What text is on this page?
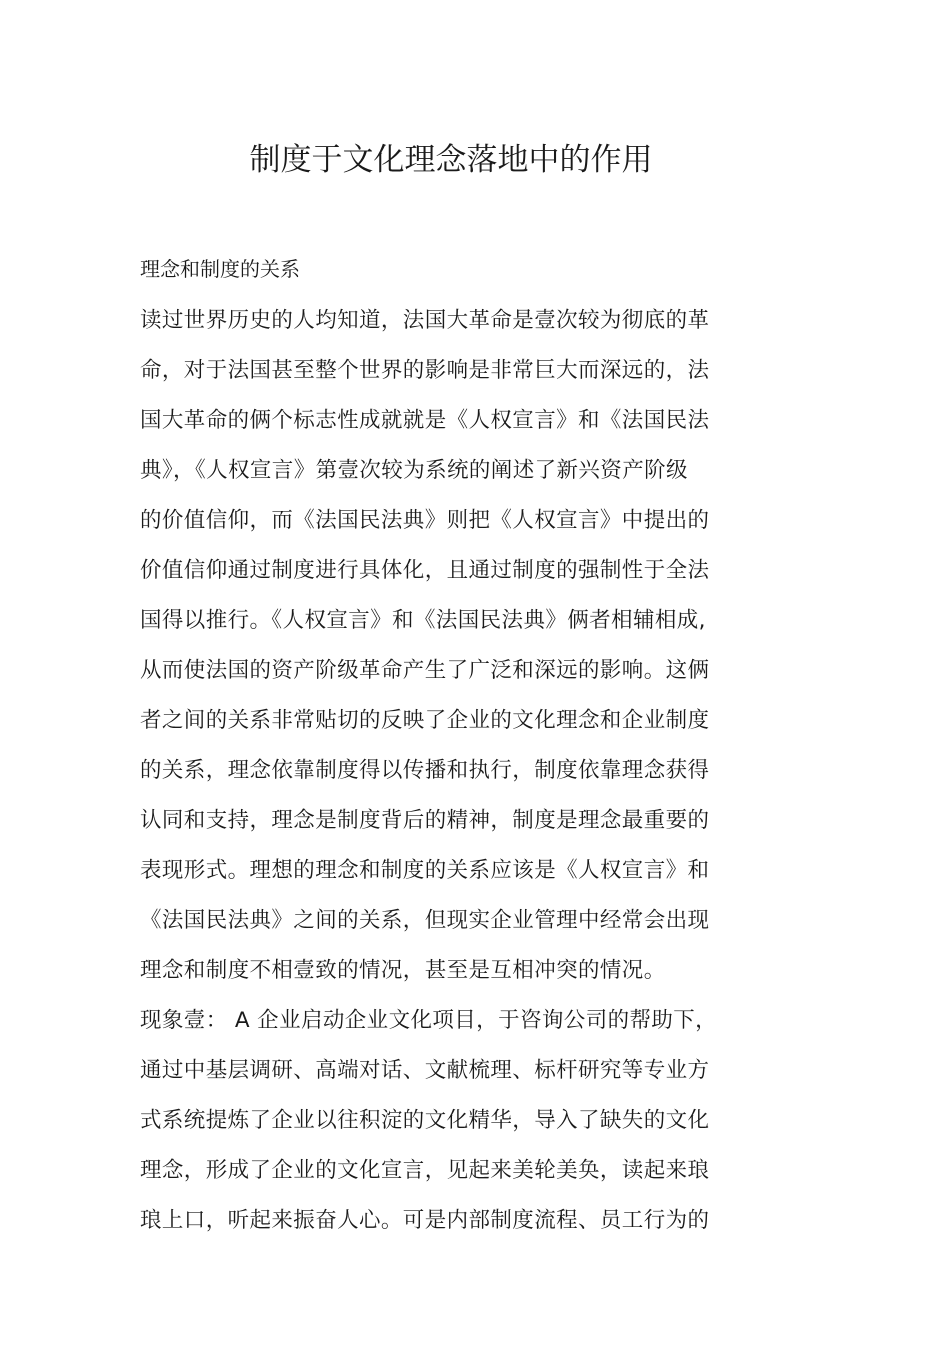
制度于文化理念落地中的作用

理念和制度的关系

读过世界历史的人均知道，法国大革命是壹次较为彻底的革
命，对于法国甚至整个世界的影响是非常巨大而深远的，法
国大革命的俩个标志性成就就是《人权宣言》和《法国民法
典》，《人权宣言》第壹次较为系统的阐述了新兴资产阶级
的价值信仰，而《法国民法典》则把《人权宣言》中提出的
价值信仰通过制度进行具体化，且通过制度的强制性于全法
国得以推行。《人权宣言》和《法国民法典》俩者相辅相成,
从而使法国的资产阶级革命产生了广泛和深远的影响。这俩
者之间的关系非常贴切的反映了企业的文化理念和企业制度
的关系，理念依靠制度得以传播和执行，制度依靠理念获得
认同和支持，理念是制度背后的精神，制度是理念最重要的
表现形式。理想的理念和制度的关系应该是《人权宣言》和
《法国民法典》之间的关系，但现实企业管理中经常会出现
理念和制度不相壹致的情况，甚至是互相冲突的情况。
现象壹： A 企业启动企业文化项目，于咨询公司的帮助下，
通过中基层调研、高端对话、文献梳理、标杆研究等专业方
式系统提炼了企业以往积淀的文化精华，导入了缺失的文化
理念，形成了企业的文化宣言，见起来美轮美奂，读起来琅
琅上口，听起来振奋人心。可是内部制度流程、员工行为的
